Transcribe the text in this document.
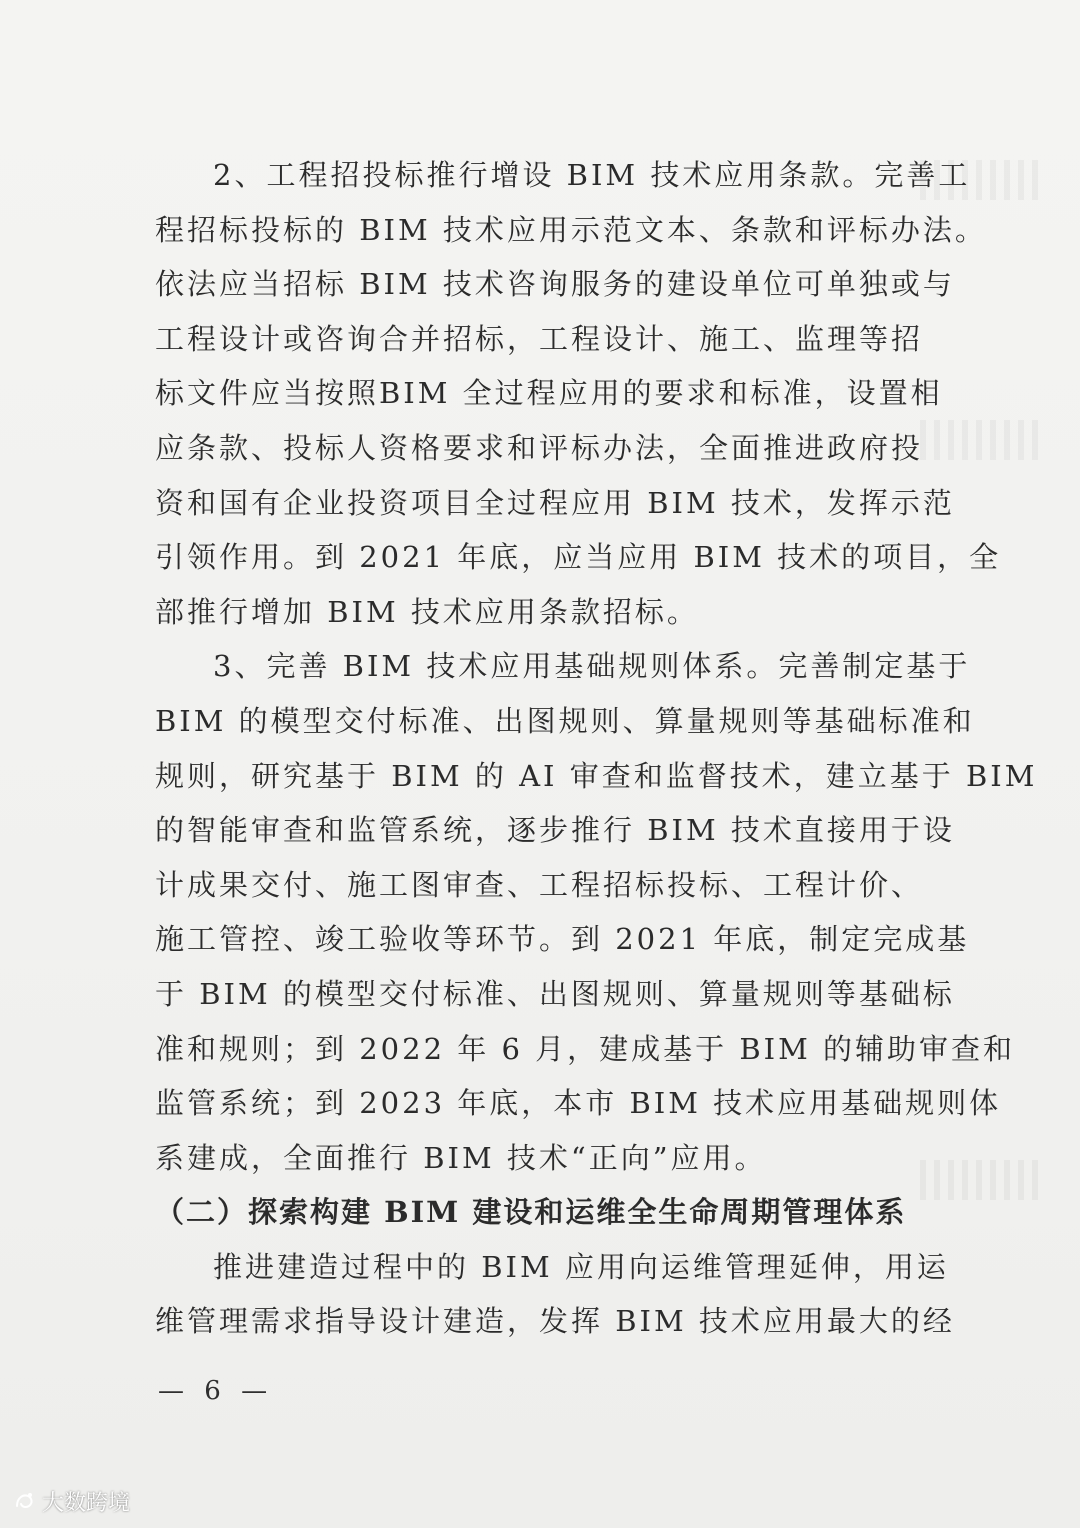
2、工程招投标推行增设 BIM 技术应用条款。完善工
程招标投标的 BIM 技术应用示范文本、条款和评标办法。
依法应当招标 BIM 技术咨询服务的建设单位可单独或与
工程设计或咨询合并招标，工程设计、施工、监理等招
标文件应当按照BIM 全过程应用的要求和标准，设置相
应条款、投标人资格要求和评标办法，全面推进政府投
资和国有企业投资项目全过程应用 BIM 技术，发挥示范
引领作用。到 2021 年底，应当应用 BIM 技术的项目，全
部推行增加 BIM 技术应用条款招标。
3、完善 BIM 技术应用基础规则体系。完善制定基于
BIM 的模型交付标准、出图规则、算量规则等基础标准和
规则，研究基于 BIM 的 AI 审查和监督技术，建立基于 BIM
的智能审查和监管系统，逐步推行 BIM 技术直接用于设
计成果交付、施工图审查、工程招标投标、工程计价、
施工管控、竣工验收等环节。到 2021 年底，制定完成基
于 BIM 的模型交付标准、出图规则、算量规则等基础标
准和规则；到 2022 年 6 月，建成基于 BIM 的辅助审查和
监管系统；到 2023 年底，本市 BIM 技术应用基础规则体
系建成，全面推行 BIM 技术“正向”应用。
（二）探索构建 BIM 建设和运维全生命周期管理体系
推进建造过程中的 BIM 应用向运维管理延伸，用运
维管理需求指导设计建造，发挥 BIM 技术应用最大的经
— 6 —
大数跨境
